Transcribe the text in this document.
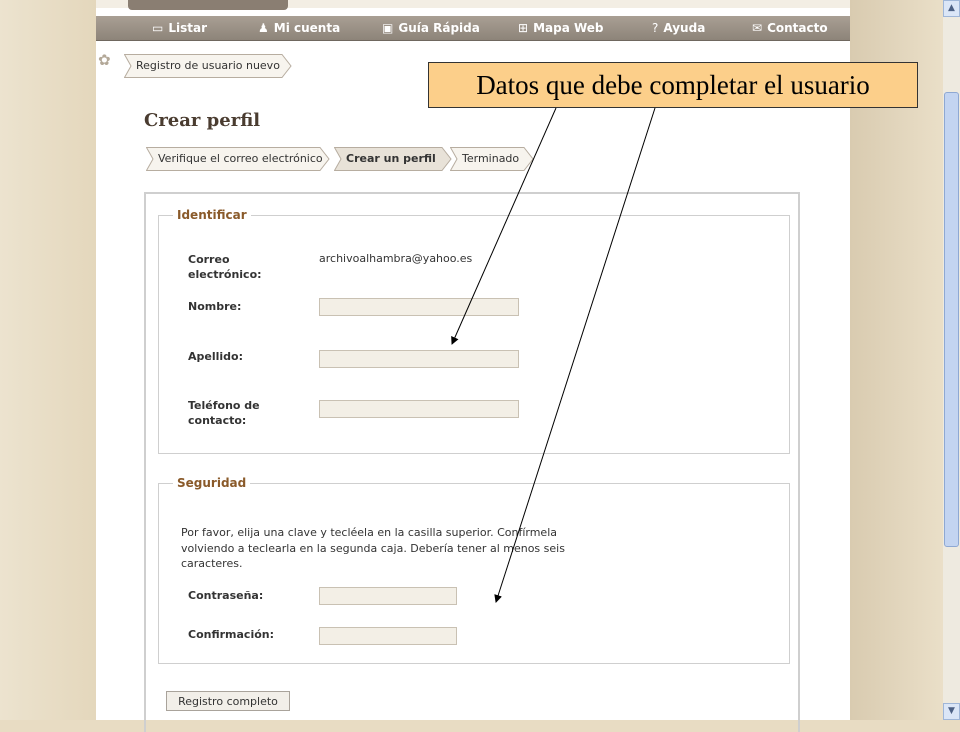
▭ Listar	♟ Mi cuenta	▣ Guía Rápida	⊞ Mapa Web	? Ayuda	✉ Contacto
✿ Registro de usuario nuevo
Crear perfil
Verifique el correo electrónico Crear un perfil Terminado
Identificar
Correo
electrónico:
archivoalhambra@yahoo.es
Nombre:
Apellido:
Teléfono de
contacto:
Seguridad
Por favor, elija una clave y tecléela en la casilla superior. Confírmela
volviendo a teclearla en la segunda caja. Debería tener al menos seis
caracteres.
Contraseña:
Confirmación:
Registro completo
▲
▼
Datos que debe completar el usuario
